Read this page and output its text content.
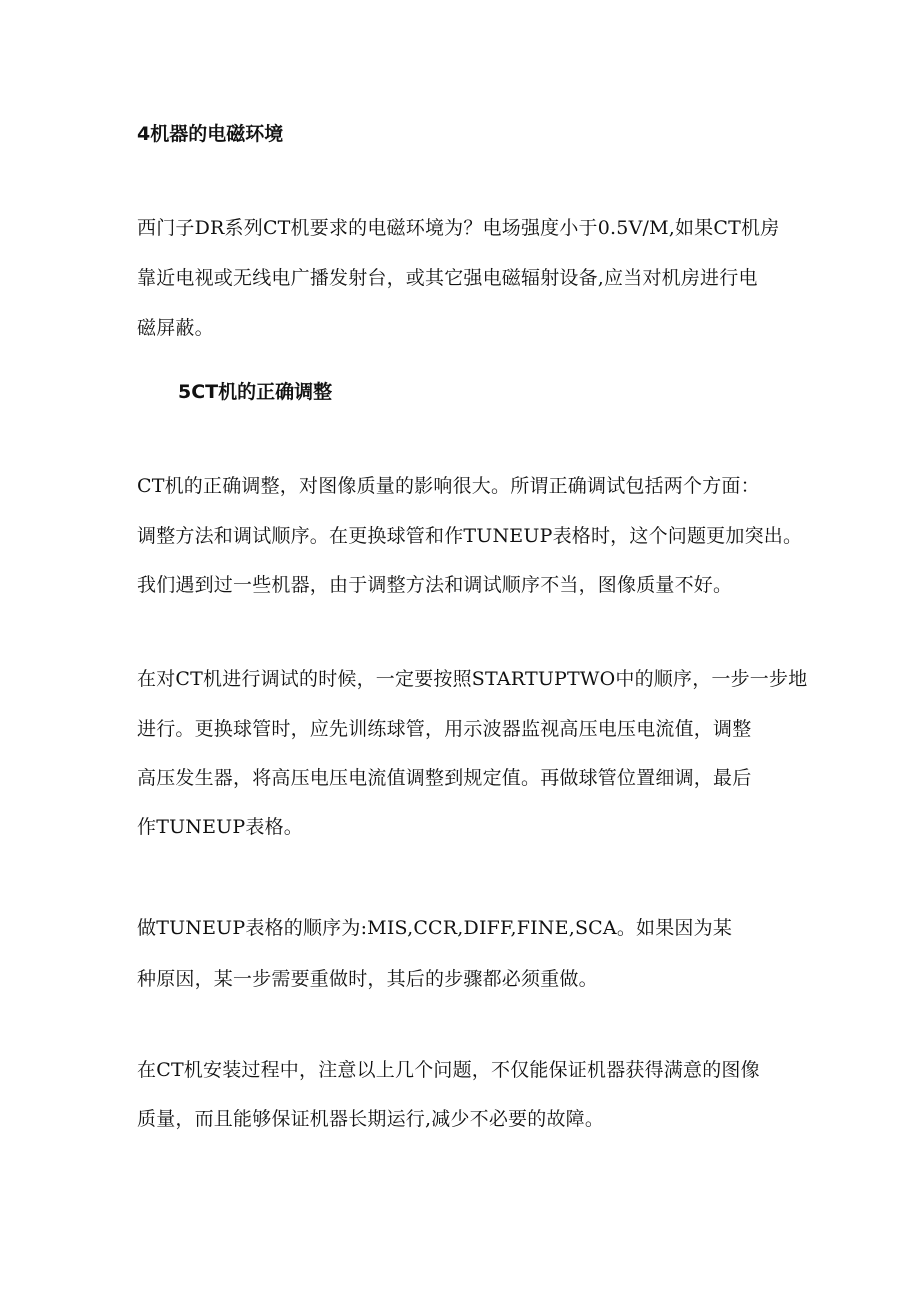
4机器的电磁环境
西门子DR系列CT机要求的电磁环境为？电场强度小于0.5V/M,如果CT机房
靠近电视或无线电广播发射台，或其它强电磁辐射设备,应当对机房进行电
磁屏蔽。
5CT机的正确调整
CT机的正确调整，对图像质量的影响很大。所谓正确调试包括两个方面：
调整方法和调试顺序。在更换球管和作TUNEUP表格时，这个问题更加突出。
我们遇到过一些机器，由于调整方法和调试顺序不当，图像质量不好。
在对CT机进行调试的时候，一定要按照STARTUPTWO中的顺序，一步一步地
进行。更换球管时，应先训练球管，用示波器监视高压电压电流值，调整
高压发生器，将高压电压电流值调整到规定值。再做球管位置细调，最后
作TUNEUP表格。
做TUNEUP表格的顺序为:MIS,CCR,DIFF,FINE,SCA。如果因为某
种原因，某一步需要重做时，其后的步骤都必须重做。
在CT机安装过程中，注意以上几个问题，不仅能保证机器获得满意的图像
质量，而且能够保证机器长期运行,减少不必要的故障。
